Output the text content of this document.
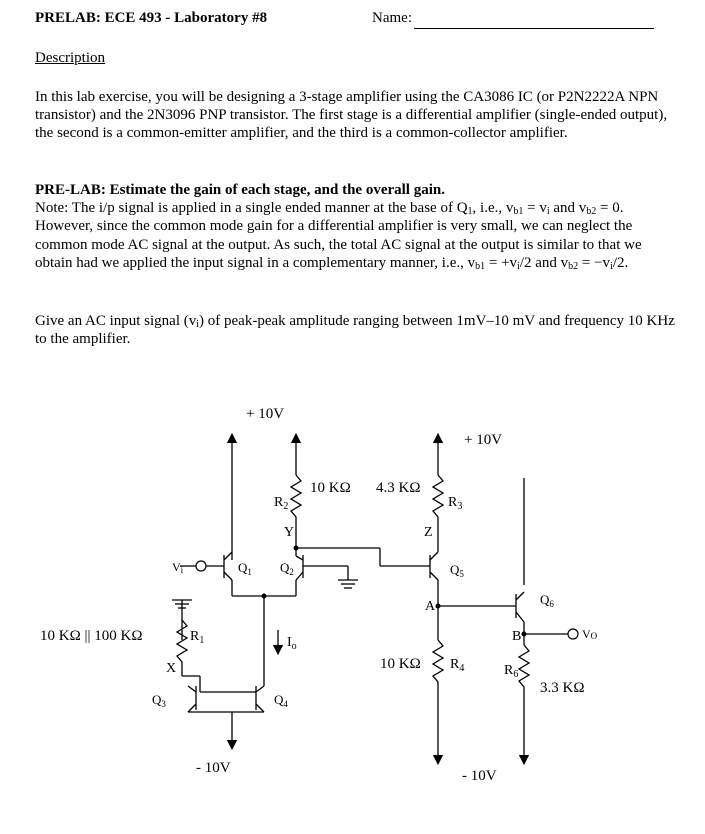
PRELAB: ECE 493 - Laboratory #8	Name:
Description

In this lab exercise, you will be designing a 3-stage amplifier using the CA3086 IC (or P2N2222A NPN transistor) and the 2N3096 PNP transistor. The first stage is a differential amplifier (single-ended output), the second is a common-emitter amplifier, and the third is a common-collector amplifier.

PRE-LAB: Estimate the gain of each stage, and the overall gain.
Note: The i/p signal is applied in a single ended manner at the base of $Q_1$, i.e., $v_{b1} = v_i$ and $v_{b2} = 0$. However, since the common mode gain for a differential amplifier is very small, we can neglect the common mode AC signal at the output. As such, the total AC signal at the output is similar to that we obtain had we applied the input signal in a complementary manner, i.e., $v_{b1} = +v_i/2$ and $v_{b2} = -v_i/2$.

Give an AC input signal $(v_i)$ of peak-peak amplitude ranging between 1mV–10 mV and frequency 10 KHz to the amplifier.

+ 10V
+ 10V
- 10V	- 10V
10 KΩ 4.3 KΩ
10 KΩ || 100 KΩ
10 KΩ
3.3 KΩ
$R_2$	$R_3$
$R_1$
$R_4$	$R_6$
Vi	$Q_1$ $Q_2$
$Q_3$	$Q_4$
$Q_5$
$Q_6$
X
Y	Z
A
B
$I_o$
VO
